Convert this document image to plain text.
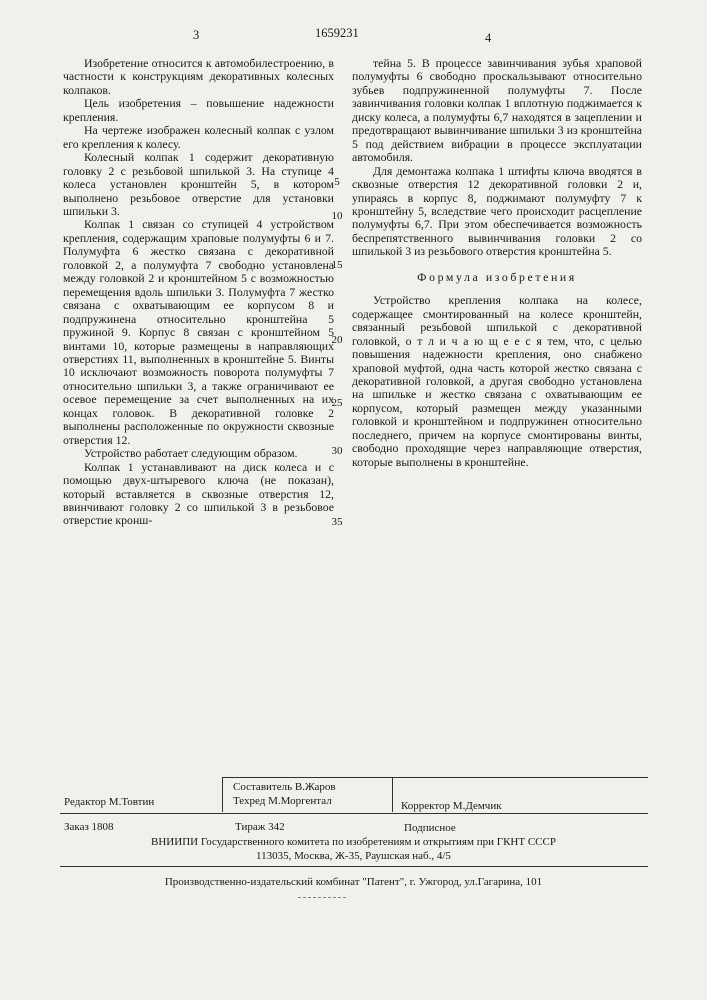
3	1659231	4

Изобретение относится к автомобилестроению, в частности к конструкциям декоративных колесных колпаков.

Цель изобретения – повышение надежности крепления.

На чертеже изображен колесный колпак с узлом его крепления к колесу.

Колесный колпак 1 содержит декоративную головку 2 с резьбовой шпилькой 3. На ступице 4 колеса установлен кронштейн 5, в котором выполнено резьбовое отверстие для установки шпильки 3.

Колпак 1 связан со ступицей 4 устройством крепления, содержащим храповые полумуфты 6 и 7. Полумуфта 6 жестко связана с декоративной головкой 2, а полумуфта 7 свободно установлена между головкой 2 и кронштейном 5 с возможностью перемещения вдоль шпильки 3. Полумуфта 7 жестко связана с охватывающим ее корпусом 8 и подпружинена относительно кронштейна 5 пружиной 9. Корпус 8 связан с кронштейном 5 винтами 10, которые размещены в направляющих отверстиях 11, выполненных в кронштейне 5. Винты 10 исключают возможность поворота полумуфты 7 относительно шпильки 3, а также ограничивают ее осевое перемещение за счет выполненных на их концах головок. В декоративной головке 2 выполнены расположенные по окружности сквозные отверстия 12.

Устройство работает следующим образом.

Колпак 1 устанавливают на диск колеса и с помощью двух-штыревого ключа (не показан), который вставляется в сквозные отверстия 12, ввинчивают головку 2 со шпилькой 3 в резьбовое отверстие кронш-

5
10
15
20
25
30
35

тейна 5. В процессе завинчивания зубья храповой полумуфты 6 свободно проскальзывают относительно зубьев подпружиненной полумуфты 7. После завинчивания головки колпак 1 вплотную поджимается к диску колеса, а полумуфты 6,7 находятся в зацеплении и предотвращают вывинчивание шпильки 3 из кронштейна 5 под действием вибрации в процессе эксплуатации автомобиля.

Для демонтажа колпака 1 штифты ключа вводятся в сквозные отверстия 12 декоративной головки 2 и, упираясь в корпус 8, поджимают полумуфту 7 к кронштейну 5, вследствие чего происходит расцепление полумуфты 6,7. При этом обеспечивается возможность беспрепятственного вывинчивания головки 2 со шпилькой 3 из резьбового отверстия кронштейна 5.

Формула изобретения

Устройство крепления колпака на колесе, содержащее смонтированный на колесе кронштейн, связанный резьбовой шпилькой с декоративной головкой, о т л и ч а ю щ е е с я тем, что, с целью повышения надежности крепления, оно снабжено храповой муфтой, одна часть которой жестко связана с декоративной головкой, а другая свободно установлена на шпильке и жестко связана с охватывающим ее корпусом, который размещен между указанными головкой и кронштейном и подпружинен относительно последнего, причем на корпусе смонтированы винты, свободно проходящие через направляющие отверстия, которые выполнены в кронштейне.

Составитель В.Жаров
Редактор М.Товтин	Техред М.Моргентал	Корректор М.Демчик
Заказ 1808	Тираж 342	Подписное
ВНИИПИ Государственного комитета по изобретениям и открытиям при ГКНТ СССР
113035, Москва, Ж-35, Раушская наб., 4/5
Производственно-издательский комбинат "Патент", г. Ужгород, ул.Гагарина, 101
